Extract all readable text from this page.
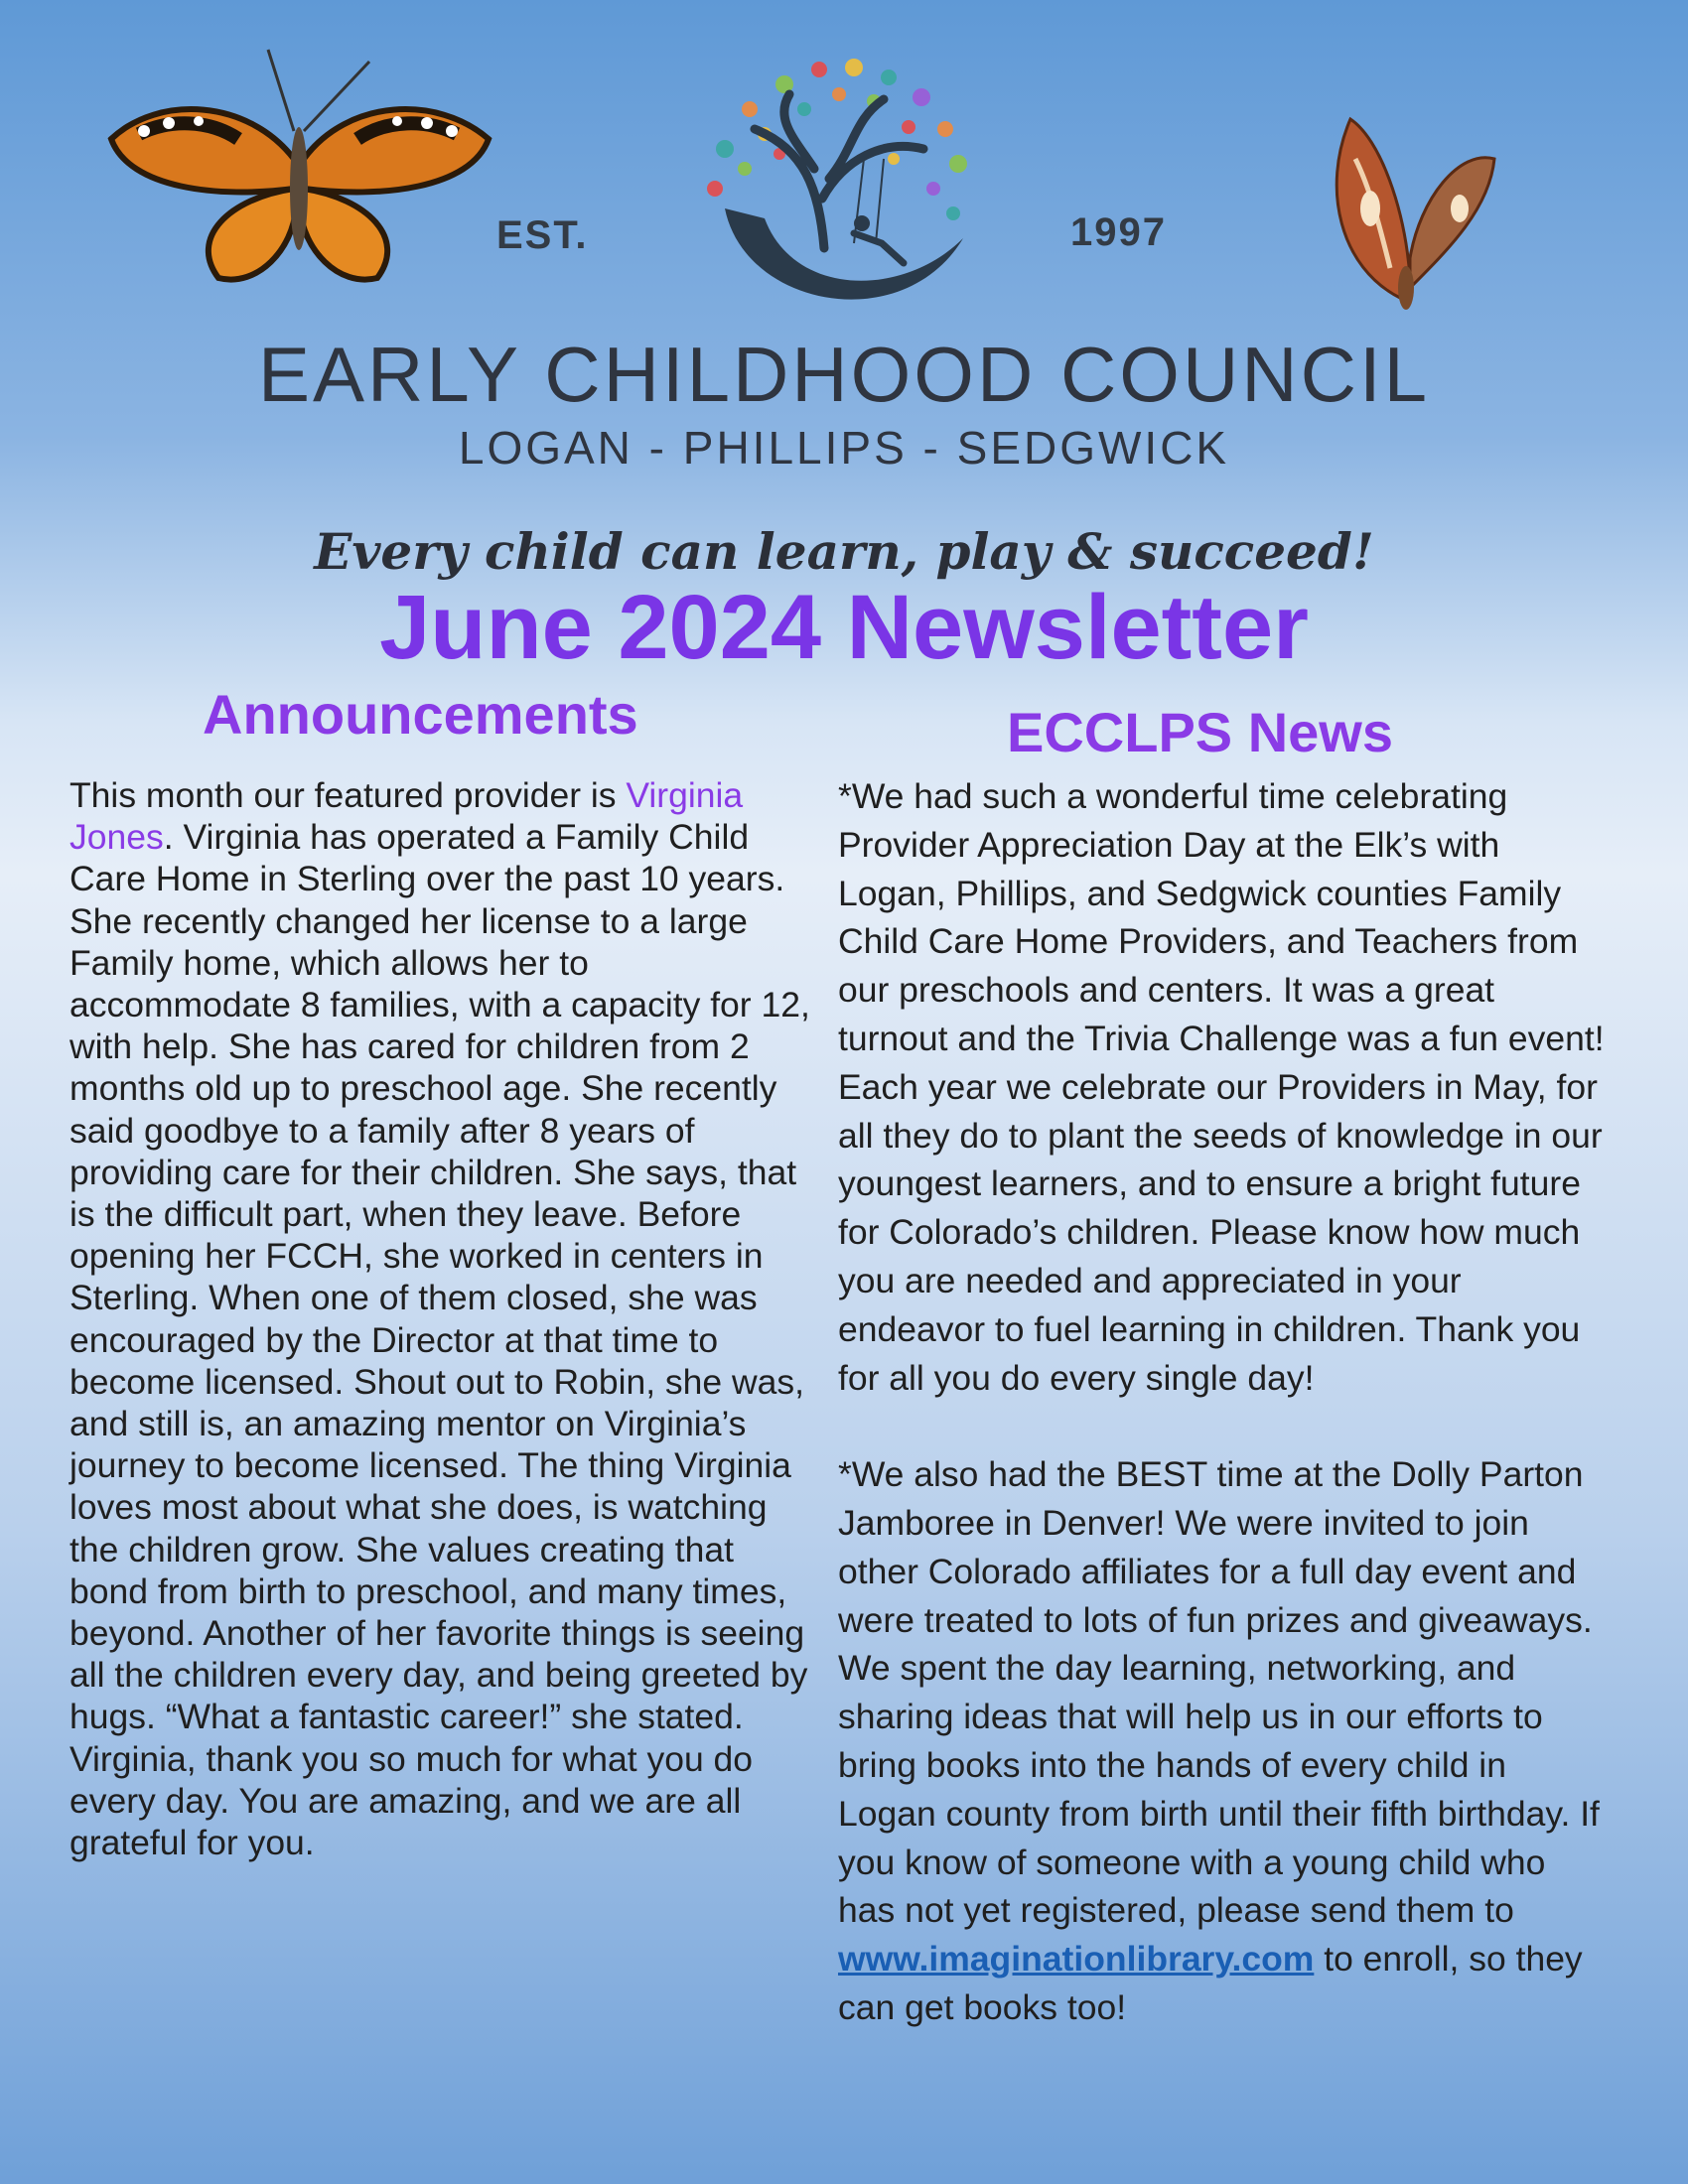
EST.	1997
EARLY CHILDHOOD COUNCIL
LOGAN - PHILLIPS - SEDGWICK
Every child can learn, play & succeed!
June 2024 Newsletter
Announcements	ECCLPS News
This month our featured provider is Virginia Jones. Virginia has operated a Family Child Care Home in Sterling over the past 10 years. She recently changed her license to a large Family home, which allows her to accommodate 8 families, with a capacity for 12, with help. She has cared for children from 2 months old up to preschool age. She recently said goodbye to a family after 8 years of providing care for their children. She says, that is the difficult part, when they leave. Before opening her FCCH, she worked in centers in Sterling. When one of them closed, she was encouraged by the Director at that time to become licensed. Shout out to Robin, she was, and still is, an amazing mentor on Virginia’s journey to become licensed. The thing Virginia loves most about what she does, is watching the children grow. She values creating that bond from birth to preschool, and many times, beyond. Another of her favorite things is seeing all the children every day, and being greeted by hugs. “What a fantastic career!” she stated. Virginia, thank you so much for what you do every day. You are amazing, and we are all grateful for you.

*We had such a wonderful time celebrating Provider Appreciation Day at the Elk’s with Logan, Phillips, and Sedgwick counties Family Child Care Home Providers, and Teachers from our preschools and centers. It was a great turnout and the Trivia Challenge was a fun event! Each year we celebrate our Providers in May, for all they do to plant the seeds of knowledge in our youngest learners, and to ensure a bright future for Colorado’s children. Please know how much you are needed and appreciated in your endeavor to fuel learning in children. Thank you for all you do every single day!

*We also had the BEST time at the Dolly Parton Jamboree in Denver! We were invited to join other Colorado affiliates for a full day event and were treated to lots of fun prizes and giveaways. We spent the day learning, networking, and sharing ideas that will help us in our efforts to bring books into the hands of every child in Logan county from birth until their fifth birthday. If you know of someone with a young child who has not yet registered, please send them to www.imaginationlibrary.com to enroll, so they can get books too!
